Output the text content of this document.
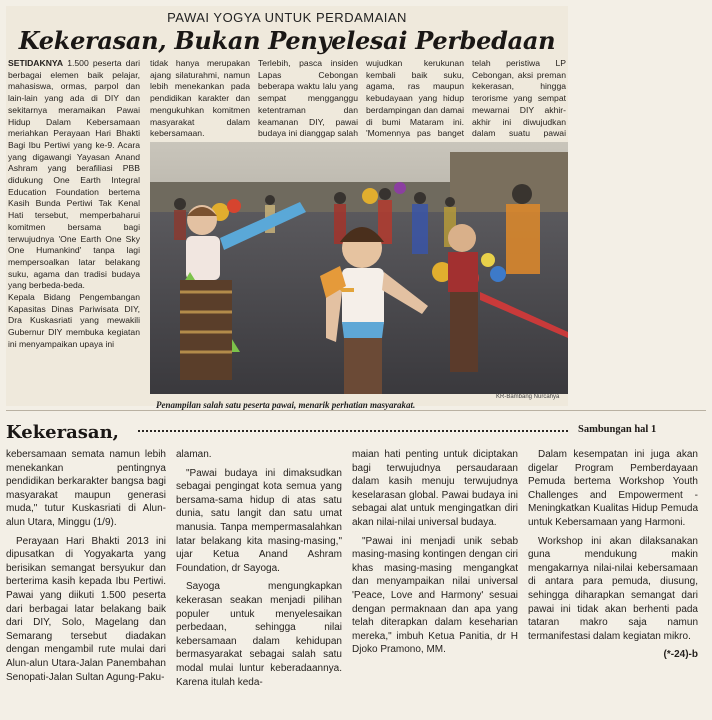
PAWAI YOGYA UNTUK PERDAMAIAN
Kekerasan, Bukan Penyelesai Perbedaan

SETIDAKNYA 1.500 peserta dari berbagai elemen baik pelajar, mahasiswa, ormas, parpol dan lain-lain yang ada di DIY dan sekitarnya meramaikan Pawai Hidup Dalam Kebersamaan meriahkan Perayaan Hari Bhakti Bagi Ibu Pertiwi yang ke-9. Acara yang digawangi Yayasan Anand Ashram yang berafiliasi PBB didukung One Earth Integral Education Foundation bertema Kasih Bunda Pertiwi Tak Kenal Hati tersebut, memperbaharui komitmen bersama bagi terwujudnya 'One Earth One Sky One Humankind' tanpa lagi mempersoalkan latar belakang suku, agama dan tradisi budaya yang berbeda-beda.

Kepala Bidang Pengembangan Kapasitas Dinas Pariwisata DIY, Dra Kuskasriati yang mewakili Gubernur DIY membuka kegiatan ini menyampaikan upaya ini

tidak hanya merupakan ajang silaturahmi, namun lebih menekankan pada pendidikan karakter dan mengukuhkan komitmen masyarakat dalam kebersamaan.
Terlebih, pasca insiden Lapas Cebongan beberapa waktu lalu yang sempat mengganggu ketentraman dan keamanan DIY, pawai budaya ini dianggap salah
wujudkan kerukunan kembali baik suku, agama, ras maupun kebudayaan yang hidup berdampingan dan damai di bumi Mataram ini. 'Momennya pas banget

telah peristiwa LP Cebongan, aksi preman kekerasan, hingga terorisme yang sempat mewarnai DIY akhir-akhir ini diwujudkan dalam suatu pawai

KR-Bambang Nurcahya
Penampilan salah satu peserta pawai, menarik perhatian masyarakat.
Kekerasan,	Sambungan hal 1

kebersamaan semata namun lebih menekankan pentingnya pendidikan berkarakter bangsa bagi masyarakat maupun generasi muda," tutur Kuskasriati di Alun-alun Utara, Minggu (1/9).

Perayaan Hari Bhakti 2013 ini dipusatkan di Yogyakarta yang berisikan semangat bersyukur dan berterima kasih kepada Ibu Pertiwi. Pawai yang diikuti 1.500 peserta dari berbagai latar belakang baik dari DIY, Solo, Magelang dan Semarang tersebut diadakan dengan mengambil rute mulai dari Alun-alun Utara-Jalan Panembahan Senopati-Jalan Sultan Agung-Paku-

alaman.

"Pawai budaya ini dimaksudkan sebagai pengingat kota semua yang bersama-sama hidup di atas satu dunia, satu langit dan satu umat manusia. Tanpa mempermasalahkan latar belakang kita masing-masing," ujar Ketua Anand Ashram Foundation, dr Sayoga.

Sayoga mengungkapkan kekerasan seakan menjadi pilihan populer untuk menyelesaikan perbedaan, sehingga nilai kebersamaan dalam kehidupan bermasyarakat sebagai salah satu modal mulai luntur keberadaannya. Karena itulah keda-

maian hati penting untuk diciptakan bagi terwujudnya persaudaraan dalam kasih menuju terwujudnya keselarasan global. Pawai budaya ini sebagai alat untuk mengingatkan diri akan nilai-nilai universal budaya.

"Pawai ini menjadi unik sebab masing-masing kontingen dengan ciri khas masing-masing mengangkat dan menyampaikan nilai universal 'Peace, Love and Harmony' sesuai dengan permaknaan dan apa yang telah diterapkan dalam keseharian mereka," imbuh Ketua Panitia, dr H Djoko Pramono, MM.

Dalam kesempatan ini juga akan digelar Program Pemberdayaan Pemuda bertema Workshop Youth Challenges and Empowerment - Meningkatkan Kualitas Hidup Pemuda untuk Kebersamaan yang Harmoni.

Workshop ini akan dilaksanakan guna mendukung makin mengakarnya nilai-nilai kebersamaan di antara para pemuda, diusung, sehingga diharapkan semangat dari pawai ini tidak akan berhenti pada tataran makro saja namun termanifestasi dalam kegiatan mikro.

(*-24)-b
